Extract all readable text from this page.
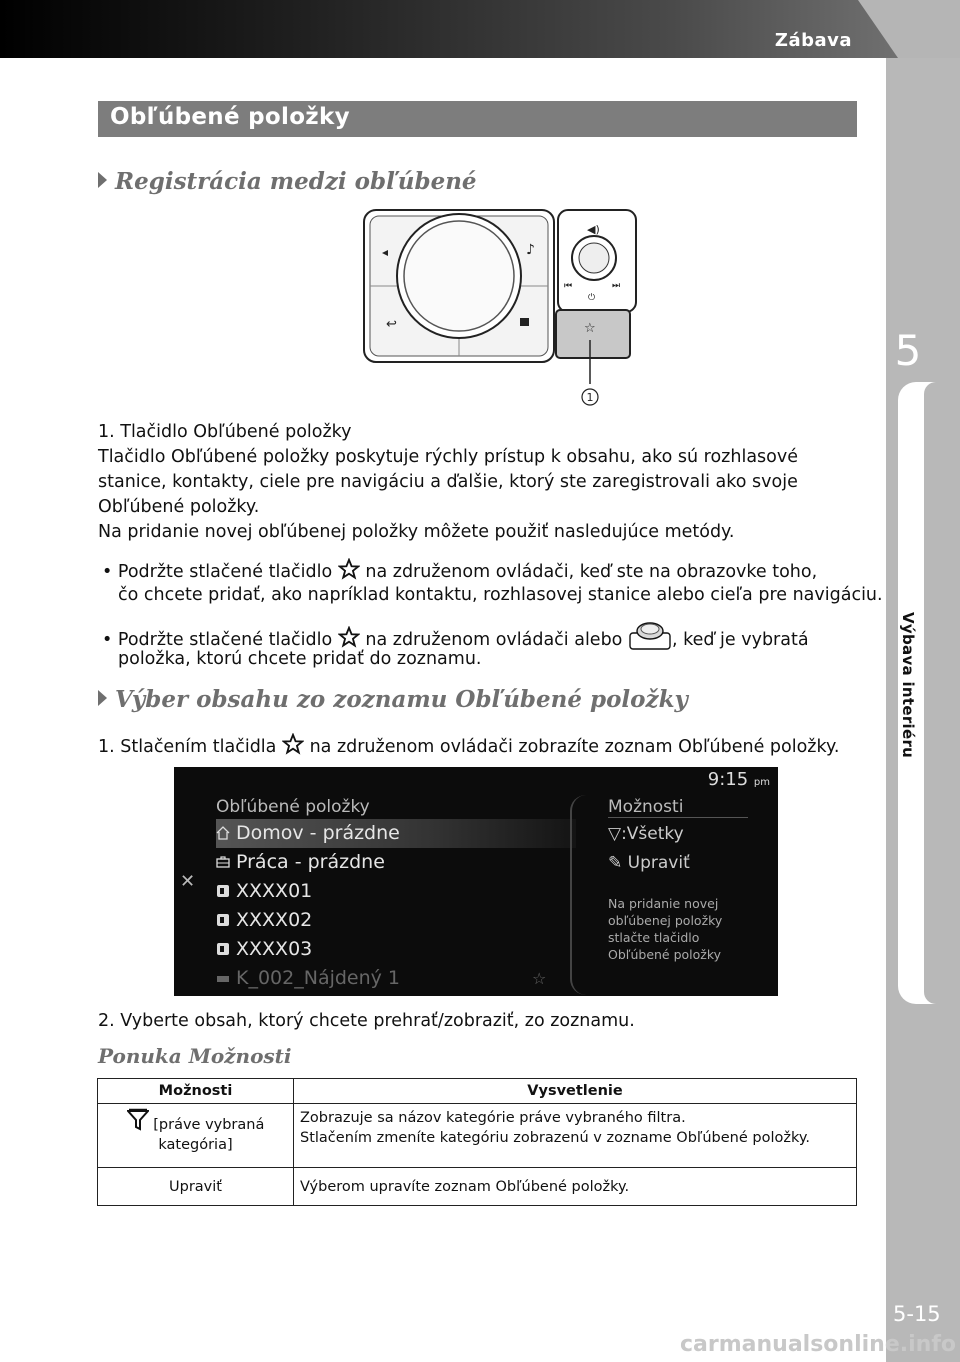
Zábava
5
Výbava interiéru
5-15
carmanualsonline.info
Obľúbené položky
Registrácia medzi obľúbené
♪
↩
◀)
⏮	⏭
⏻
☆
1
1. Tlačidlo Obľúbené položky
Tlačidlo Obľúbené položky poskytuje rýchly prístup k obsahu, ako sú rozhlasové
stanice, kontakty, ciele pre navigáciu a ďalšie, ktorý ste zaregistrovali ako svoje
Obľúbené položky.
Na pridanie novej obľúbenej položky môžete použiť nasledujúce metódy.
• Podržte stlačené tlačidlo na združenom ovládači, keď ste na obrazovke toho,
čo chcete pridať, ako napríklad kontaktu, rozhlasovej stanice alebo cieľa pre navigáciu.
• Podržte stlačené tlačidlo na združenom ovládači alebo	, keď je vybratá
položka, ktorú chcete pridať do zoznamu.
Výber obsahu zo zoznamu Obľúbené položky
1. Stlačením tlačidla na združenom ovládači zobrazíte zoznam Obľúbené položky.
9:15 pm
✕
Obľúbené položky
Domov - prázdne
Práca - prázdne
XXXX01
XXXX02
XXXX03
K_002_Nájdený 1
Možnosti
▽:Všetky
✎ Upraviť
Na pridanie novej obľúbenej položky stlačte tlačidlo Obľúbené položky
☆
2. Vyberte obsah, ktorý chcete prehrať/zobraziť, zo zoznamu.
Ponuka Možnosti
Možnosti	Vysvetlenie
[práve vybraná kategória]	Zobrazuje sa názov kategórie práve vybraného filtra.
Stlačením zmeníte kategóriu zobrazenú v zozname Obľúbené položky.

Upraviť	Výberom upravíte zoznam Obľúbené položky.
